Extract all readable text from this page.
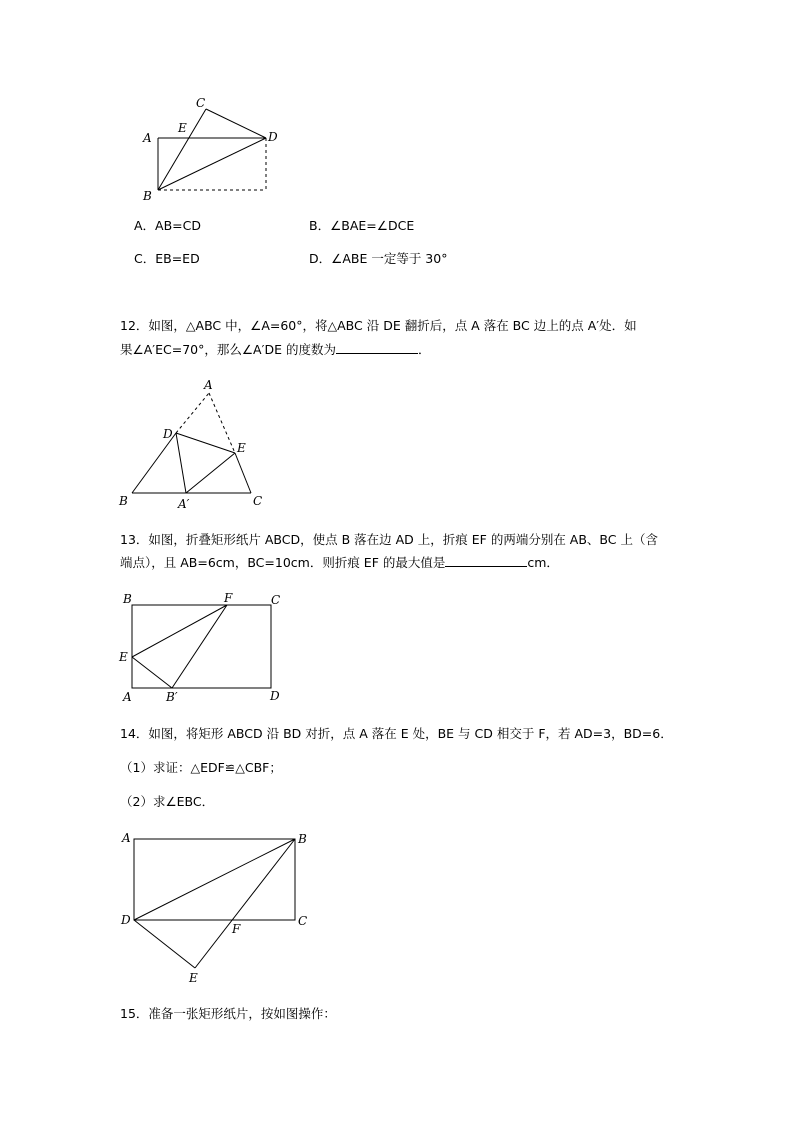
A
B
C
D
E
A．AB=CD	B．∠BAE=∠DCE
C．EB=ED	D．∠ABE 一定等于 30°
12．如图，△ABC 中，∠A=60°，将△ABC 沿 DE 翻折后，点 A 落在 BC 边上的点 A′处．如
果∠A′EC=70°，那么∠A′DE 的度数为	．
A
B	C
D
E
A′
13．如图，折叠矩形纸片 ABCD，使点 B 落在边 AD 上，折痕 EF 的两端分别在 AB、BC 上（含
端点），且 AB=6cm，BC=10cm．则折痕 EF 的最大值是	cm．
B	F	C
E
A	B′	D
14．如图，将矩形 ABCD 沿 BD 对折，点 A 落在 E 处，BE 与 CD 相交于 F，若 AD=3，BD=6．
（1）求证：△EDF≌△CBF；
（2）求∠EBC．
A	B
C
D
F
E
15．准备一张矩形纸片，按如图操作：
